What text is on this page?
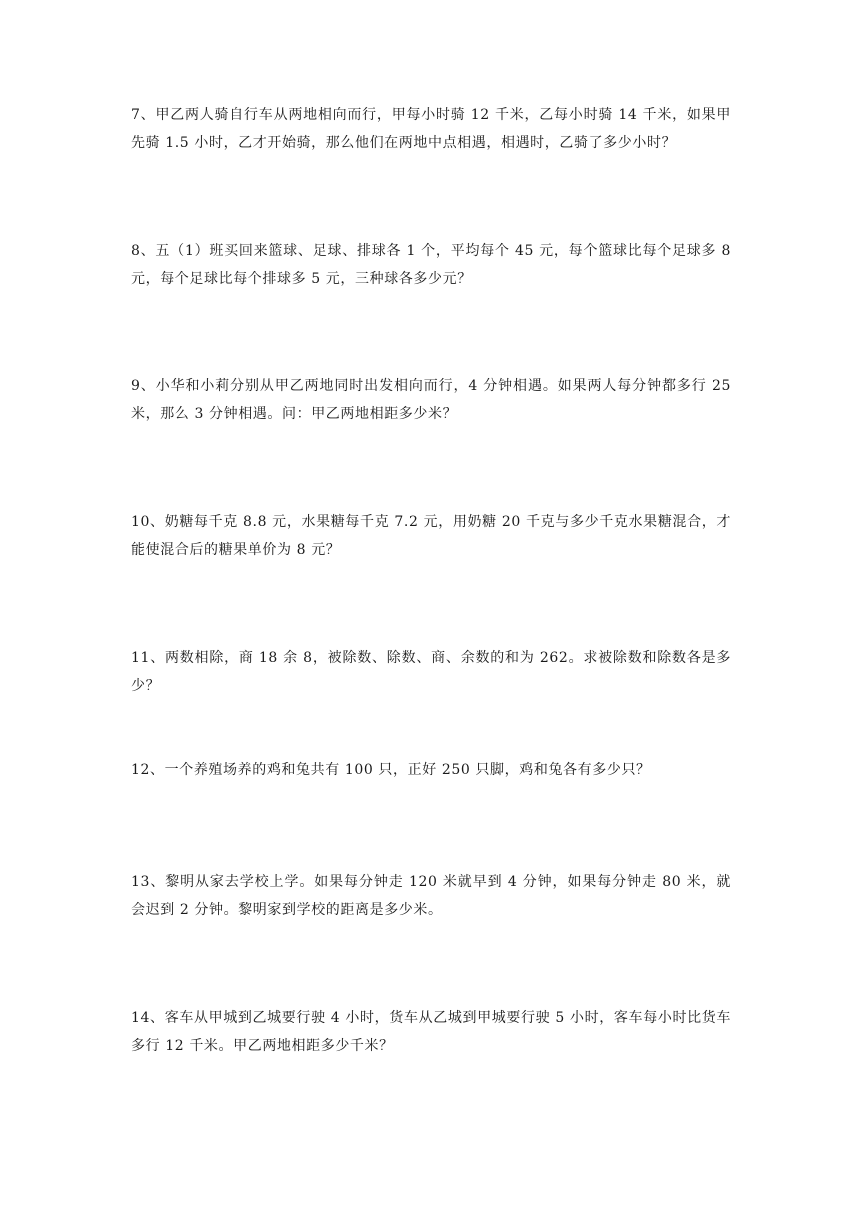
7、甲乙两人骑自行车从两地相向而行，甲每小时骑 12 千米，乙每小时骑 14 千米，如果甲先骑 1.5 小时，乙才开始骑，那么他们在两地中点相遇，相遇时，乙骑了多少小时？

8、五（1）班买回来篮球、足球、排球各 1 个，平均每个 45 元，每个篮球比每个足球多 8 元，每个足球比每个排球多 5 元，三种球各多少元？

9、小华和小莉分别从甲乙两地同时出发相向而行，4 分钟相遇。如果两人每分钟都多行 25 米，那么 3 分钟相遇。问：甲乙两地相距多少米？

10、奶糖每千克 8.8 元，水果糖每千克 7.2 元，用奶糖 20 千克与多少千克水果糖混合，才能使混合后的糖果单价为 8 元？

11、两数相除，商 18 余 8，被除数、除数、商、余数的和为 262。求被除数和除数各是多少？

12、一个养殖场养的鸡和兔共有 100 只，正好 250 只脚，鸡和兔各有多少只？

13、黎明从家去学校上学。如果每分钟走 120 米就早到 4 分钟，如果每分钟走 80 米，就会迟到 2 分钟。黎明家到学校的距离是多少米。

14、客车从甲城到乙城要行驶 4 小时，货车从乙城到甲城要行驶 5 小时，客车每小时比货车多行 12 千米。甲乙两地相距多少千米？
